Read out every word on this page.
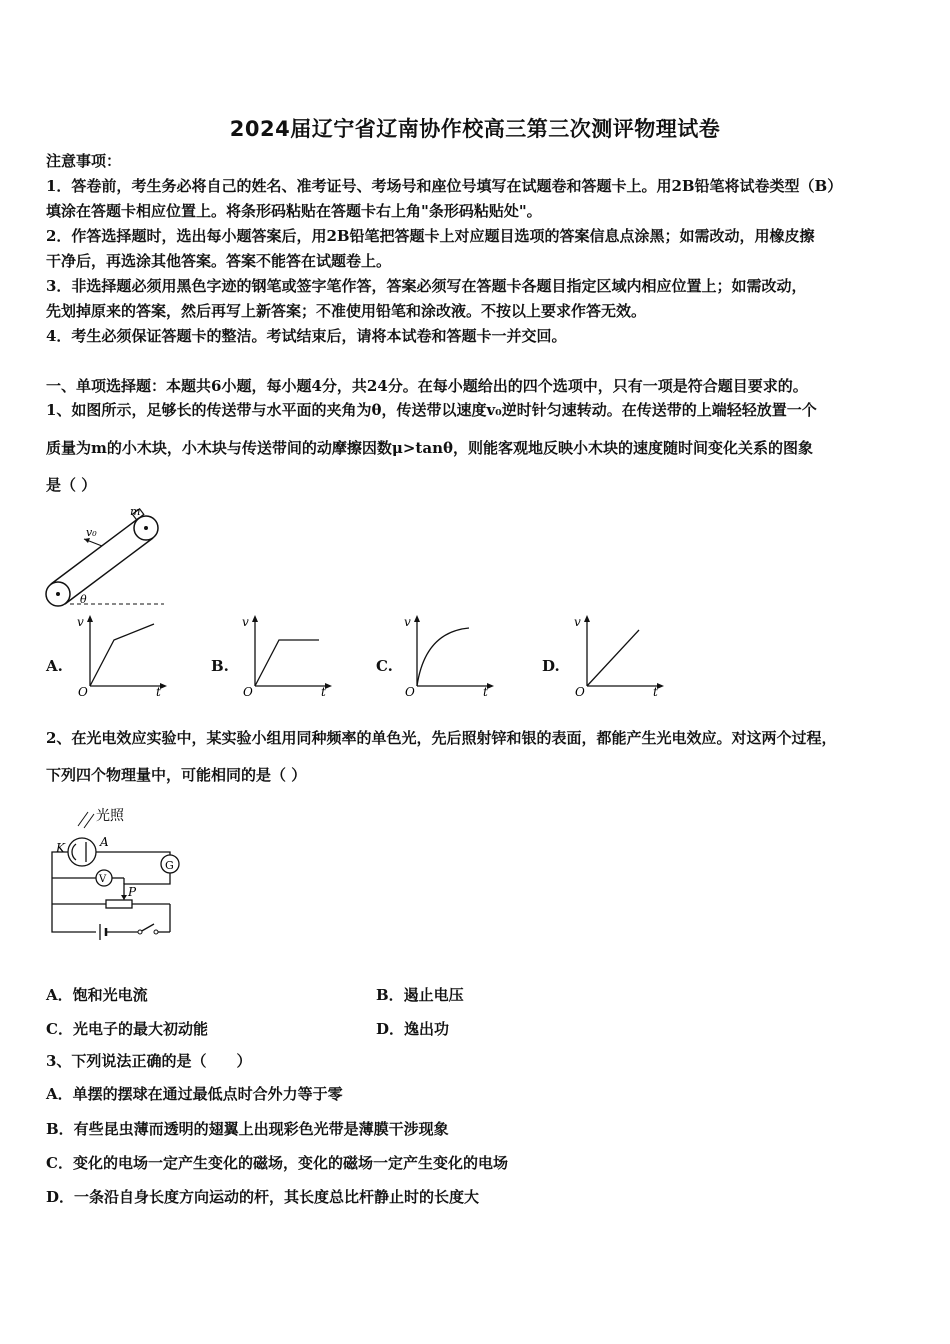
2024届辽宁省辽南协作校高三第三次测评物理试卷
注意事项：
1．答卷前，考生务必将自己的姓名、准考证号、考场号和座位号填写在试题卷和答题卡上。用2B铅笔将试卷类型（B）
填涂在答题卡相应位置上。将条形码粘贴在答题卡右上角"条形码粘贴处"。
2．作答选择题时，选出每小题答案后，用2B铅笔把答题卡上对应题目选项的答案信息点涂黑；如需改动，用橡皮擦
干净后，再选涂其他答案。答案不能答在试题卷上。
3．非选择题必须用黑色字迹的钢笔或签字笔作答，答案必须写在答题卡各题目指定区域内相应位置上；如需改动，
先划掉原来的答案，然后再写上新答案；不准使用铅笔和涂改液。不按以上要求作答无效。
4．考生必须保证答题卡的整洁。考试结束后，请将本试卷和答题卡一并交回。
一、单项选择题：本题共6小题，每小题4分，共24分。在每小题给出的四个选项中，只有一项是符合题目要求的。
1、如图所示，足够长的传送带与水平面的夹角为θ，传送带以速度v₀逆时针匀速转动。在传送带的上端轻轻放置一个
质量为m的小木块，小木块与传送带间的动摩擦因数μ>tanθ，则能客观地反映小木块的速度随时间变化关系的图象
是（ ）
m
v₀
θ
A.
v
O	t
B.
v
O	t
C.
v
O	t
D.
v
O	t
2、在光电效应实验中，某实验小组用同种频率的单色光，先后照射锌和银的表面，都能产生光电效应。对这两个过程，
下列四个物理量中，可能相同的是（ ）
光照
K	A
G
V
P
A．饱和光电流	B．遏止电压
C．光电子的最大初动能	D．逸出功
3、下列说法正确的是（　　）
A．单摆的摆球在通过最低点时合外力等于零
B．有些昆虫薄而透明的翅翼上出现彩色光带是薄膜干涉现象
C．变化的电场一定产生变化的磁场，变化的磁场一定产生变化的电场
D．一条沿自身长度方向运动的杆，其长度总比杆静止时的长度大
